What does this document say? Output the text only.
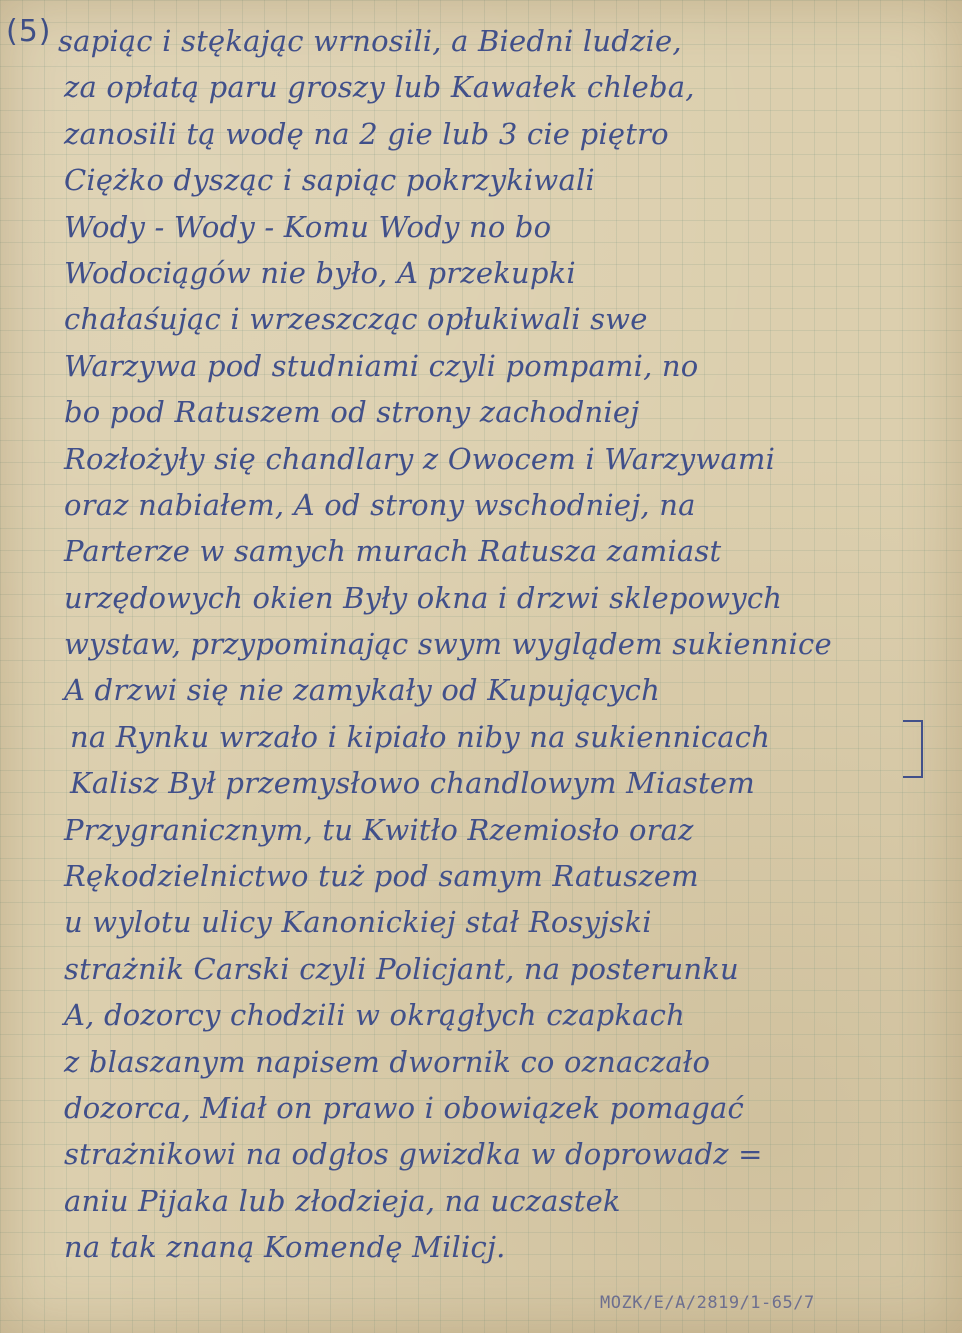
(5) sapiąc i stękając wrnosili, a Biedni ludzie,
za opłatą paru groszy lub Kawałek chleba,
zanosili tą wodę na 2 gie lub 3 cie piętro
Ciężko dysząc i sapiąc pokrzykiwali
Wody - Wody - Komu Wody no bo
Wodociągów nie było, A przekupki
chałaśując i wrzeszcząc opłukiwali swe
Warzywa pod studniami czyli pompami, no
bo pod Ratuszem od strony zachodniej
Rozłożyły się chandlary z Owocem i Warzywami
oraz nabiałem, A od strony wschodniej, na
Parterze w samych murach Ratusza zamiast
urzędowych okien Były okna i drzwi sklepowych
wystaw, przypominając swym wyglądem sukiennice
A drzwi się nie zamykały od Kupujących
na Rynku wrzało i kipiało niby na sukiennicach
Kalisz Był przemysłowo chandlowym Miastem
Przygranicznym, tu Kwitło Rzemiosło oraz
Rękodzielnictwo tuż pod samym Ratuszem
u wylotu ulicy Kanonickiej stał Rosyjski
strażnik Carski czyli Policjant, na posterunku
A, dozorcy chodzili w okrągłych czapkach
z blaszanym napisem dwornik co oznaczało
dozorca, Miał on prawo i obowiązek pomagać
strażnikowi na odgłos gwizdka w doprowadz =
aniu Pijaka lub złodzieja, na uczastek
na tak znaną Komendę Milicj.
MOZK/E/A/2819/1-65/7
